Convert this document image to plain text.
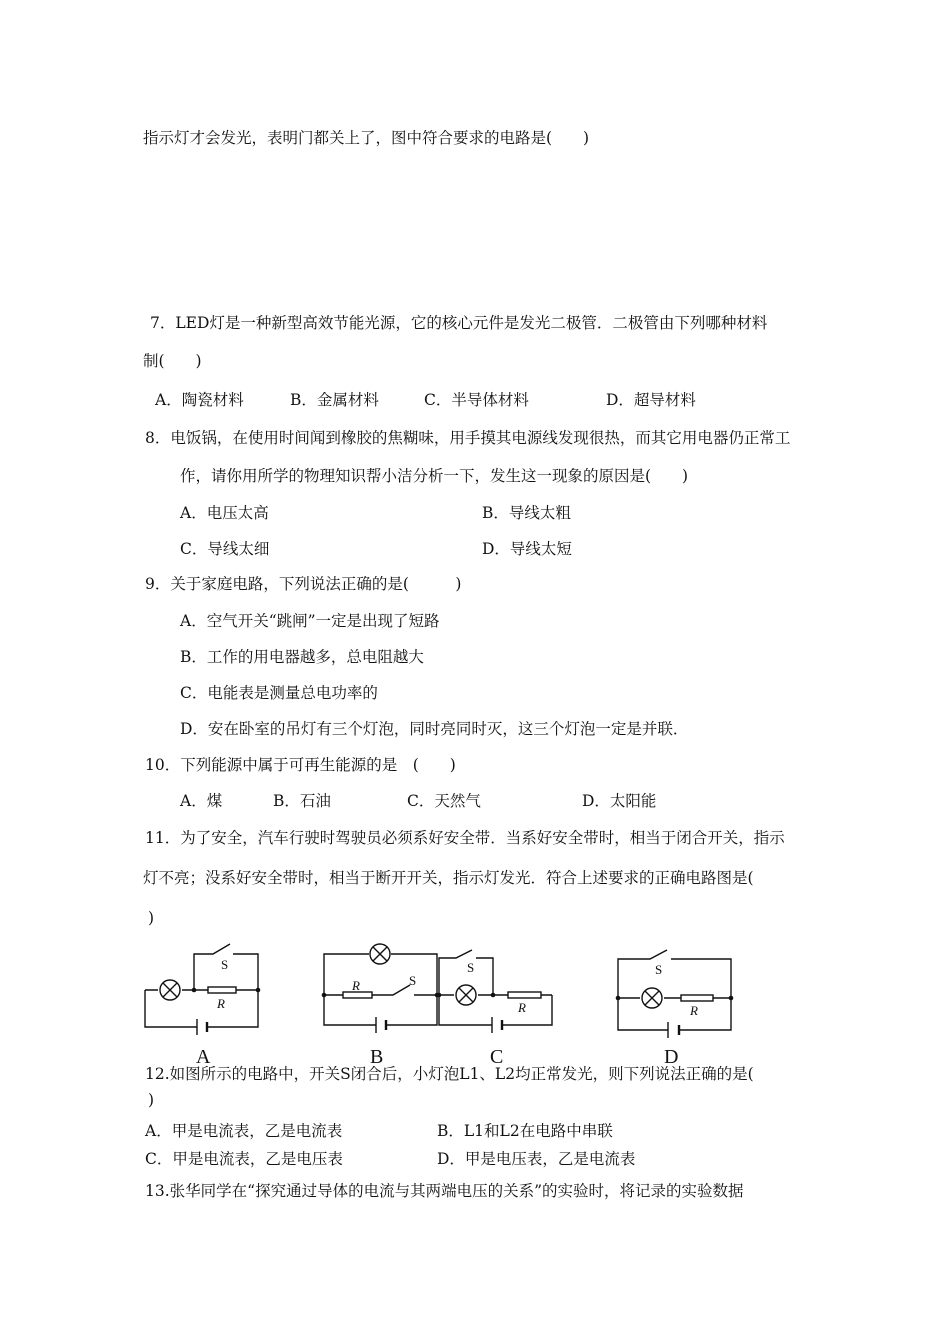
指示灯才会发光，表明门都关上了，图中符合要求的电路是(　　)
7．LED灯是一种新型高效节能光源，它的核心元件是发光二极管．二极管由下列哪种材料
制(　　)
A．陶瓷材料	B．金属材料	C．半导体材料	D．超导材料
8．电饭锅，在使用时间闻到橡胶的焦糊味，用手摸其电源线发现很热，而其它用电器仍正常工
作，请你用所学的物理知识帮小洁分析一下，发生这一现象的原因是(　　)
A．电压太高	B．导线太粗
C．导线太细	D．导线太短
9．关于家庭电路，下列说法正确的是(　　　)
A．空气开关“跳闸”一定是出现了短路
B．工作的用电器越多，总电阻越大
C．电能表是测量总电功率的
D．安在卧室的吊灯有三个灯泡，同时亮同时灭，这三个灯泡一定是并联．
10．下列能源中属于可再生能源的是　(　　)
A．煤	B．石油	C．天然气	D．太阳能
11．为了安全，汽车行驶时驾驶员必须系好安全带．当系好安全带时，相当于闭合开关，指示
灯不亮；没系好安全带时，相当于断开开关，指示灯发光．符合上述要求的正确电路图是(
)
S
R
R	S
S
R
S
R
A	B	C	D
12.如图所示的电路中，开关S闭合后，小灯泡L1、L2均正常发光，则下列说法正确的是(
)
A．甲是电流表，乙是电流表	B．L1和L2在电路中串联
C．甲是电流表，乙是电压表	D．甲是电压表，乙是电流表
13.张华同学在“探究通过导体的电流与其两端电压的关系”的实验时，将记录的实验数据
